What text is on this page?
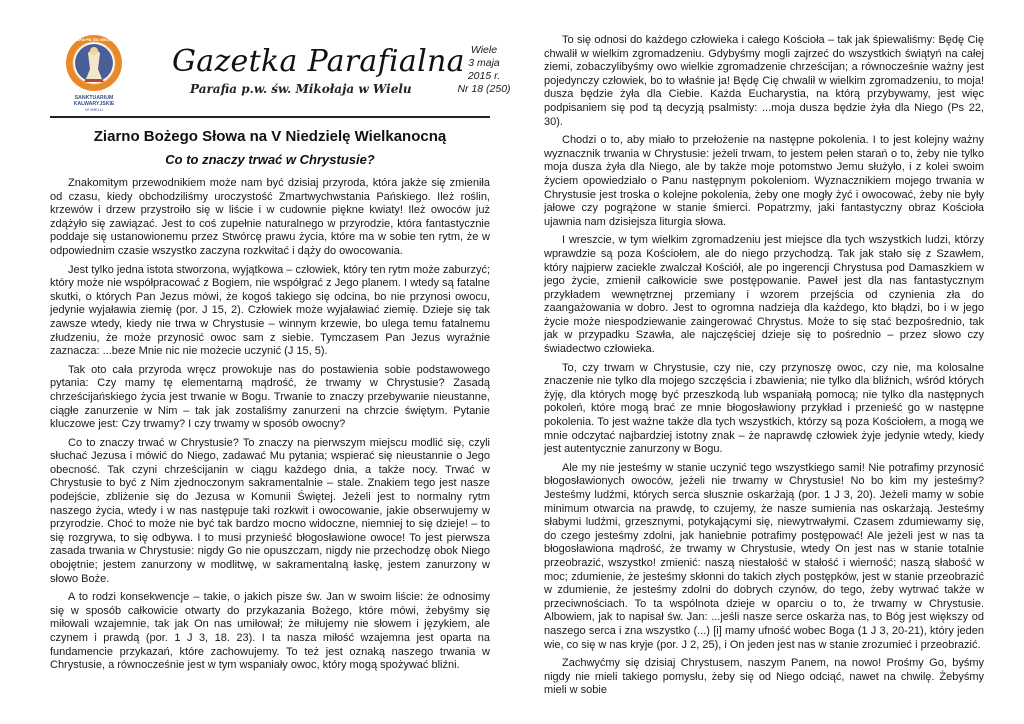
SANKTUARIUM
KALWARYJSKIE
W WIELU
PARAFIA PW. ŚW. MIKOŁAJA
Gazetka Parafialna
Parafia p.w. św. Mikołaja w Wielu
Wiele
3 maja
2015 r.
Nr 18 (250)
Ziarno Bożego Słowa na V Niedzielę Wielkanocną
Co to znaczy trwać w Chrystusie?

Znakomitym przewodnikiem może nam być dzisiaj przyroda, która jakże się zmieniła od czasu, kiedy obchodziliśmy uroczystość Zmartwychwstania Pańskiego. Ileż roślin, krzewów i drzew przystroiło się w liście i w cudownie piękne kwiaty! Ileż owoców już zdążyło się zawiązać. Jest to coś zupełnie naturalnego w przyrodzie, która fantastycznie poddaje się ustanowionemu przez Stwórcę prawu życia, które ma w sobie ten rytm, że w odpowiednim czasie wszystko zaczyna rozkwitać i dąży do owocowania.

Jest tylko jedna istota stworzona, wyjątkowa – człowiek, który ten rytm może zaburzyć; który może nie współpracować z Bogiem, nie współgrać z Jego planem. I wtedy są fatalne skutki, o których Pan Jezus mówi, że kogoś takiego się odcina, bo nie przynosi owocu, jedynie wyjaławia ziemię (por. J 15, 2). Człowiek może wyjaławiać ziemię. Dzieje się tak zawsze wtedy, kiedy nie trwa w Chrystusie – winnym krzewie, bo ulega temu fatalnemu złudzeniu, że może przynosić owoc sam z siebie. Tymczasem Pan Jezus wyraźnie zaznacza: ...beze Mnie nic nie możecie uczynić (J 15, 5).

Tak oto cała przyroda wręcz prowokuje nas do postawienia sobie podstawowego pytania: Czy mamy tę elementarną mądrość, że trwamy w Chrystusie? Zasadą chrześcijańskiego życia jest trwanie w Bogu. Trwanie to znaczy przebywanie nieustanne, ciągłe zanurzenie w Nim – tak jak zostaliśmy zanurzeni na chrzcie świętym. Pytanie kluczowe jest: Czy trwamy? I czy trwamy w sposób owocny?

Co to znaczy trwać w Chrystusie? To znaczy na pierwszym miejscu modlić się, czyli słuchać Jezusa i mówić do Niego, zadawać Mu pytania; wspierać się nieustannie o Jego obecność. Tak czyni chrześcijanin w ciągu każdego dnia, a także nocy. Trwać w Chrystusie to być z Nim zjednoczonym sakramentalnie – stale. Znakiem tego jest nasze podejście, zbliżenie się do Jezusa w Komunii Świętej. Jeżeli jest to normalny rytm naszego życia, wtedy i w nas następuje taki rozkwit i owocowanie, jakie obserwujemy w przyrodzie. Choć to może nie być tak bardzo mocno widoczne, niemniej to się dzieje! – to się rozgrywa, to się odbywa. I to musi przynieść błogosławione owoce! To jest pierwsza zasada trwania w Chrystusie: nigdy Go nie opuszczam, nigdy nie przechodzę obok Niego obojętnie; jestem zanurzony w modlitwę, w sakramentalną łaskę, jestem zanurzony w słowo Boże.

A to rodzi konsekwencje – takie, o jakich pisze św. Jan w swoim liście: że odnosimy się w sposób całkowicie otwarty do przykazania Bożego, które mówi, żebyśmy się miłowali wzajemnie, tak jak On nas umiłował; że miłujemy nie słowem i językiem, ale czynem i prawdą (por. 1 J 3, 18. 23). I ta nasza miłość wzajemna jest oparta na fundamencie przykazań, które zachowujemy. To też jest oznaką naszego trwania w Chrystusie, a równocześnie jest w tym wspaniały owoc, który mogą spożywać bliźni.

To się odnosi do każdego człowieka i całego Kościoła – tak jak śpiewaliśmy: Będę Cię chwalił w wielkim zgromadzeniu. Gdybyśmy mogli zajrzeć do wszystkich świątyń na całej ziemi, zobaczylibyśmy owo wielkie zgromadzenie chrześcijan; a równocześnie ważny jest pojedynczy człowiek, bo to właśnie ja! Będę Cię chwalił w wielkim zgromadzeniu, to moja! dusza będzie żyła dla Ciebie. Każda Eucharystia, na którą przybywamy, jest więc podpisaniem się pod tą decyzją psalmisty: ...moja dusza będzie żyła dla Niego (Ps 22, 30).

Chodzi o to, aby miało to przełożenie na następne pokolenia. I to jest kolejny ważny wyznacznik trwania w Chrystusie: jeżeli trwam, to jestem pełen starań o to, żeby nie tylko moja dusza żyła dla Niego, ale by także moje potomstwo Jemu służyło, i z kolei swoim życiem opowiedziało o Panu następnym pokoleniom. Wyznacznikiem mojego trwania w Chrystusie jest troska o kolejne pokolenia, żeby one mogły żyć i owocować, żeby nie były jałowe czy pogrążone w stanie śmierci. Popatrzmy, jaki fantastyczny obraz Kościoła ujawnia nam dzisiejsza liturgia słowa.

I wreszcie, w tym wielkim zgromadzeniu jest miejsce dla tych wszystkich ludzi, którzy wprawdzie są poza Kościołem, ale do niego przychodzą. Tak jak stało się z Szawłem, który najpierw zaciekle zwalczał Kościół, ale po ingerencji Chrystusa pod Damaszkiem w jego życie, zmienił całkowicie swe postępowanie. Paweł jest dla nas fantastycznym przykładem wewnętrznej przemiany i wzorem przejścia od czynienia zła do zaangażowania w dobro. Jest to ogromna nadzieja dla każdego, kto błądzi, bo i w jego życie może niespodziewanie zaingerować Chrystus. Może to się stać bezpośrednio, tak jak w przypadku Szawła, ale najczęściej dzieje się to pośrednio – przez słowo czy świadectwo człowieka.

To, czy trwam w Chrystusie, czy nie, czy przynoszę owoc, czy nie, ma kolosalne znaczenie nie tylko dla mojego szczęścia i zbawienia; nie tylko dla bliźnich, wśród których żyję, dla których mogę być przeszkodą lub wspaniałą pomocą; nie tylko dla następnych pokoleń, które mogą brać ze mnie błogosławiony przykład i przenieść go w następne pokolenia. To jest ważne także dla tych wszystkich, którzy są poza Kościołem, a mogą we mnie odczytać najbardziej istotny znak – że naprawdę człowiek żyje jedynie wtedy, kiedy jest autentycznie zanurzony w Bogu.

Ale my nie jesteśmy w stanie uczynić tego wszystkiego sami! Nie potrafimy przynosić błogosławionych owoców, jeżeli nie trwamy w Chrystusie! No bo kim my jesteśmy? Jesteśmy ludźmi, których serca słusznie oskarżają (por. 1 J 3, 20). Jeżeli mamy w sobie minimum otwarcia na prawdę, to czujemy, że nasze sumienia nas oskarżają. Jesteśmy słabymi ludźmi, grzesznymi, potykającymi się, niewytrwałymi. Czasem zdumiewamy się, do czego jesteśmy zdolni, jak haniebnie potrafimy postępować! Ale jeżeli jest w nas ta błogosławiona mądrość, że trwamy w Chrystusie, wtedy On jest nas w stanie totalnie przeobrazić, wszystko! zmienić: naszą niestałość w stałość i wierność; naszą słabość w moc; zdumienie, że jesteśmy skłonni do takich złych postępków, jest w stanie przeobrazić w zdumienie, że jesteśmy zdolni do dobrych czynów, do tego, żeby wytrwać także w przeciwnościach. To ta wspólnota dzieje w oparciu o to, że trwamy w Chrystusie. Albowiem, jak to napisał św. Jan: ...jeśli nasze serce oskarża nas, to Bóg jest większy od naszego serca i zna wszystko (...) [i] mamy ufność wobec Boga (1 J 3, 20-21), który jeden wie, co się w nas kryje (por. J 2, 25), i On jeden jest nas w stanie zrozumieć i przeobrazić.

Zachwyćmy się dzisiaj Chrystusem, naszym Panem, na nowo! Prośmy Go, byśmy nigdy nie mieli takiego pomysłu, żeby się od Niego odciąć, nawet na chwilę. Żebyśmy mieli w sobie
